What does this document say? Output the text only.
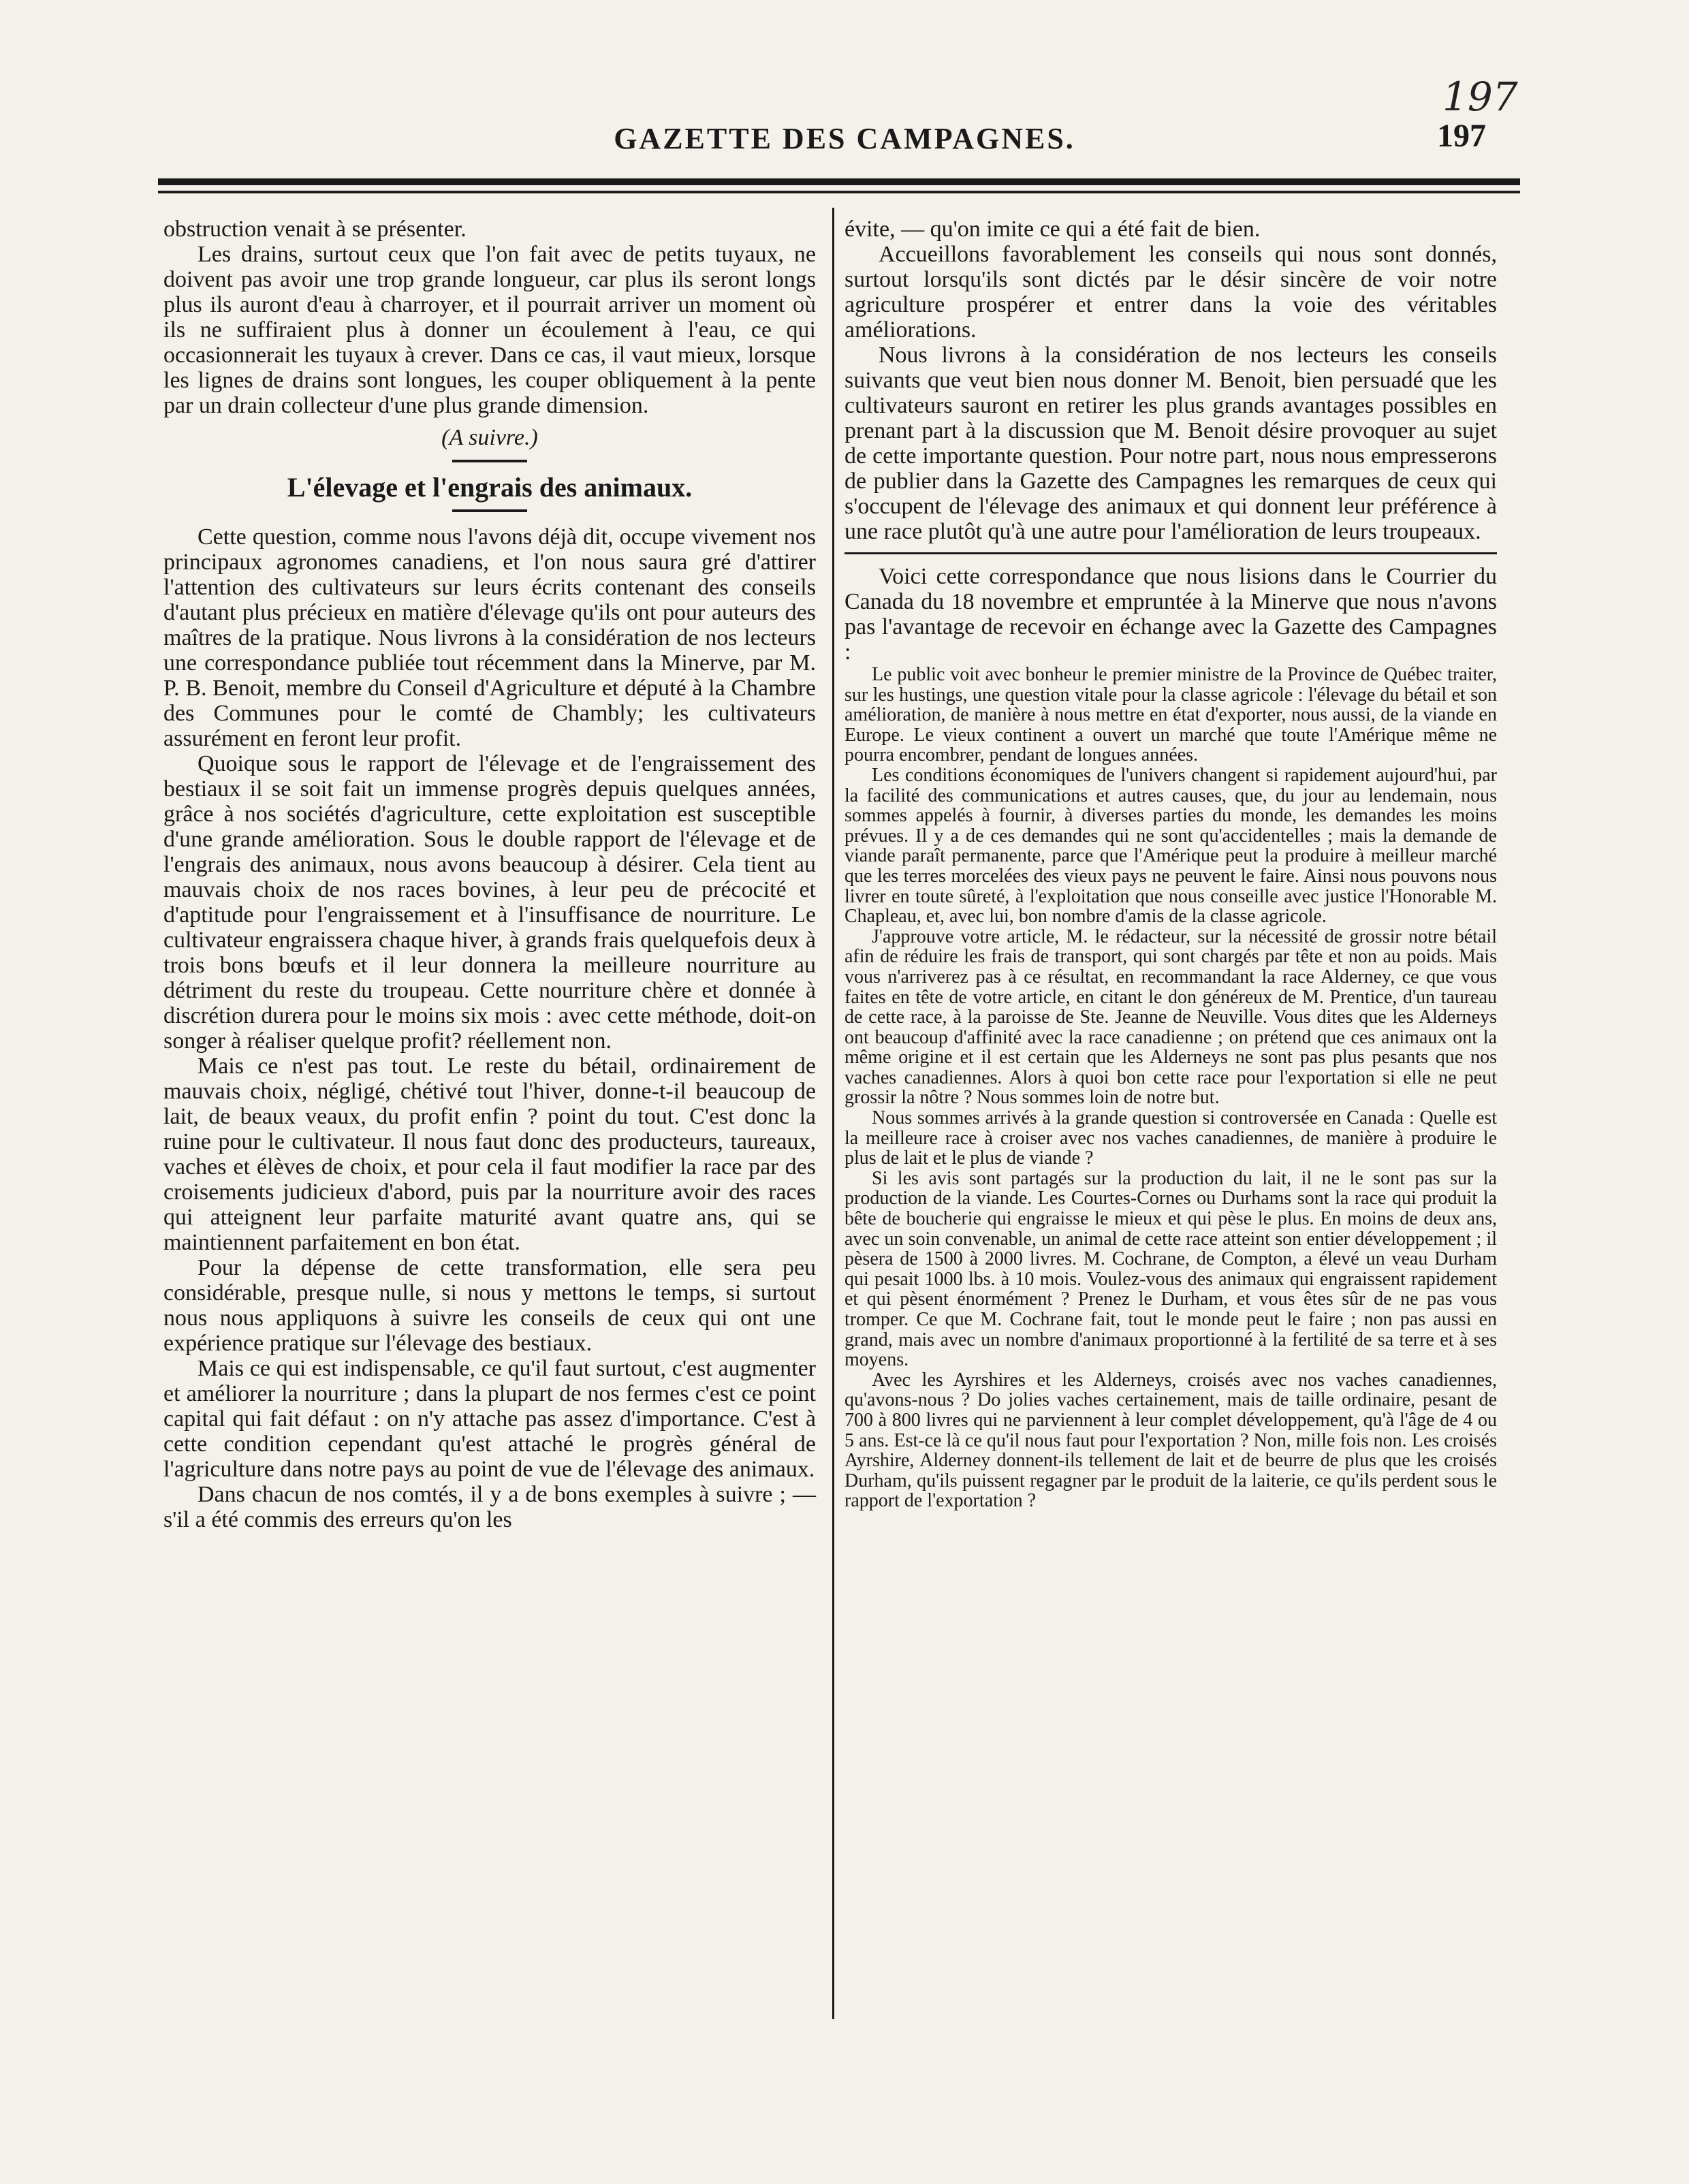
197
197
GAZETTE DES CAMPAGNES.

obstruction venait à se présenter.

Les drains, surtout ceux que l'on fait avec de petits tuyaux, ne doivent pas avoir une trop grande longueur, car plus ils seront longs plus ils auront d'eau à charroyer, et il pourrait arriver un moment où ils ne suffiraient plus à donner un écoulement à l'eau, ce qui occasionnerait les tuyaux à crever. Dans ce cas, il vaut mieux, lorsque les lignes de drains sont longues, les couper obliquement à la pente par un drain collecteur d'une plus grande dimension.

(A suivre.)

L'élevage et l'engrais des animaux.

Cette question, comme nous l'avons déjà dit, occupe vivement nos principaux agronomes canadiens, et l'on nous saura gré d'attirer l'attention des cultivateurs sur leurs écrits contenant des conseils d'autant plus précieux en matière d'élevage qu'ils ont pour auteurs des maîtres de la pratique. Nous livrons à la considération de nos lecteurs une correspondance publiée tout récemment dans la Minerve, par M. P. B. Benoit, membre du Conseil d'Agriculture et député à la Chambre des Communes pour le comté de Chambly; les cultivateurs assurément en feront leur profit.

Quoique sous le rapport de l'élevage et de l'engraissement des bestiaux il se soit fait un immense progrès depuis quelques années, grâce à nos sociétés d'agriculture, cette exploitation est susceptible d'une grande amélioration. Sous le double rapport de l'élevage et de l'engrais des animaux, nous avons beaucoup à désirer. Cela tient au mauvais choix de nos races bovines, à leur peu de précocité et d'aptitude pour l'engraissement et à l'insuffisance de nourriture. Le cultivateur engraissera chaque hiver, à grands frais quelquefois deux à trois bons bœufs et il leur donnera la meilleure nourriture au détriment du reste du troupeau. Cette nourriture chère et donnée à discrétion durera pour le moins six mois : avec cette méthode, doit-on songer à réaliser quelque profit? réellement non.

Mais ce n'est pas tout. Le reste du bétail, ordinairement de mauvais choix, négligé, chétivé tout l'hiver, donne-t-il beaucoup de lait, de beaux veaux, du profit enfin ? point du tout. C'est donc la ruine pour le cultivateur. Il nous faut donc des producteurs, taureaux, vaches et élèves de choix, et pour cela il faut modifier la race par des croisements judicieux d'abord, puis par la nourriture avoir des races qui atteignent leur parfaite maturité avant quatre ans, qui se maintiennent parfaitement en bon état.

Pour la dépense de cette transformation, elle sera peu considérable, presque nulle, si nous y mettons le temps, si surtout nous nous appliquons à suivre les conseils de ceux qui ont une expérience pratique sur l'élevage des bestiaux.

Mais ce qui est indispensable, ce qu'il faut surtout, c'est augmenter et améliorer la nourriture ; dans la plupart de nos fermes c'est ce point capital qui fait défaut : on n'y attache pas assez d'importance. C'est à cette condition cependant qu'est attaché le progrès général de l'agriculture dans notre pays au point de vue de l'élevage des animaux.

Dans chacun de nos comtés, il y a de bons exemples à suivre ; —s'il a été commis des erreurs qu'on les

évite, — qu'on imite ce qui a été fait de bien.

Accueillons favorablement les conseils qui nous sont donnés, surtout lorsqu'ils sont dictés par le désir sincère de voir notre agriculture prospérer et entrer dans la voie des véritables améliorations.

Nous livrons à la considération de nos lecteurs les conseils suivants que veut bien nous donner M. Benoit, bien persuadé que les cultivateurs sauront en retirer les plus grands avantages possibles en prenant part à la discussion que M. Benoit désire provoquer au sujet de cette importante question. Pour notre part, nous nous empresserons de publier dans la Gazette des Campagnes les remarques de ceux qui s'occupent de l'élevage des animaux et qui donnent leur préférence à une race plutôt qu'à une autre pour l'amélioration de leurs troupeaux.

Voici cette correspondance que nous lisions dans le Courrier du Canada du 18 novembre et empruntée à la Minerve que nous n'avons pas l'avantage de recevoir en échange avec la Gazette des Campagnes :

Le public voit avec bonheur le premier ministre de la Province de Québec traiter, sur les hustings, une question vitale pour la classe agricole : l'élevage du bétail et son amélioration, de manière à nous mettre en état d'exporter, nous aussi, de la viande en Europe. Le vieux continent a ouvert un marché que toute l'Amérique même ne pourra encombrer, pendant de longues années.

Les conditions économiques de l'univers changent si rapidement aujourd'hui, par la facilité des communications et autres causes, que, du jour au lendemain, nous sommes appelés à fournir, à diverses parties du monde, les demandes les moins prévues. Il y a de ces demandes qui ne sont qu'accidentelles ; mais la demande de viande paraît permanente, parce que l'Amérique peut la produire à meilleur marché que les terres morcelées des vieux pays ne peuvent le faire. Ainsi nous pouvons nous livrer en toute sûreté, à l'exploitation que nous conseille avec justice l'Honorable M. Chapleau, et, avec lui, bon nombre d'amis de la classe agricole.

J'approuve votre article, M. le rédacteur, sur la nécessité de grossir notre bétail afin de réduire les frais de transport, qui sont chargés par tête et non au poids. Mais vous n'arriverez pas à ce résultat, en recommandant la race Alderney, ce que vous faites en tête de votre article, en citant le don généreux de M. Prentice, d'un taureau de cette race, à la paroisse de Ste. Jeanne de Neuville. Vous dites que les Alderneys ont beaucoup d'affinité avec la race canadienne ; on prétend que ces animaux ont la même origine et il est certain que les Alderneys ne sont pas plus pesants que nos vaches canadiennes. Alors à quoi bon cette race pour l'exportation si elle ne peut grossir la nôtre ? Nous sommes loin de notre but.

Nous sommes arrivés à la grande question si controversée en Canada : Quelle est la meilleure race à croiser avec nos vaches canadiennes, de manière à produire le plus de lait et le plus de viande ?

Si les avis sont partagés sur la production du lait, il ne le sont pas sur la production de la viande. Les Courtes-Cornes ou Durhams sont la race qui produit la bête de boucherie qui engraisse le mieux et qui pèse le plus. En moins de deux ans, avec un soin convenable, un animal de cette race atteint son entier développement ; il pèsera de 1500 à 2000 livres. M. Cochrane, de Compton, a élevé un veau Durham qui pesait 1000 lbs. à 10 mois. Voulez-vous des animaux qui engraissent rapidement et qui pèsent énormément ? Prenez le Durham, et vous êtes sûr de ne pas vous tromper. Ce que M. Cochrane fait, tout le monde peut le faire ; non pas aussi en grand, mais avec un nombre d'animaux proportionné à la fertilité de sa terre et à ses moyens.

Avec les Ayrshires et les Alderneys, croisés avec nos vaches canadiennes, qu'avons-nous ? Do jolies vaches certainement, mais de taille ordinaire, pesant de 700 à 800 livres qui ne parviennent à leur complet développement, qu'à l'âge de 4 ou 5 ans. Est-ce là ce qu'il nous faut pour l'exportation ? Non, mille fois non. Les croisés Ayrshire, Alderney donnent-ils tellement de lait et de beurre de plus que les croisés Durham, qu'ils puissent regagner par le produit de la laiterie, ce qu'ils perdent sous le rapport de l'exportation ?
